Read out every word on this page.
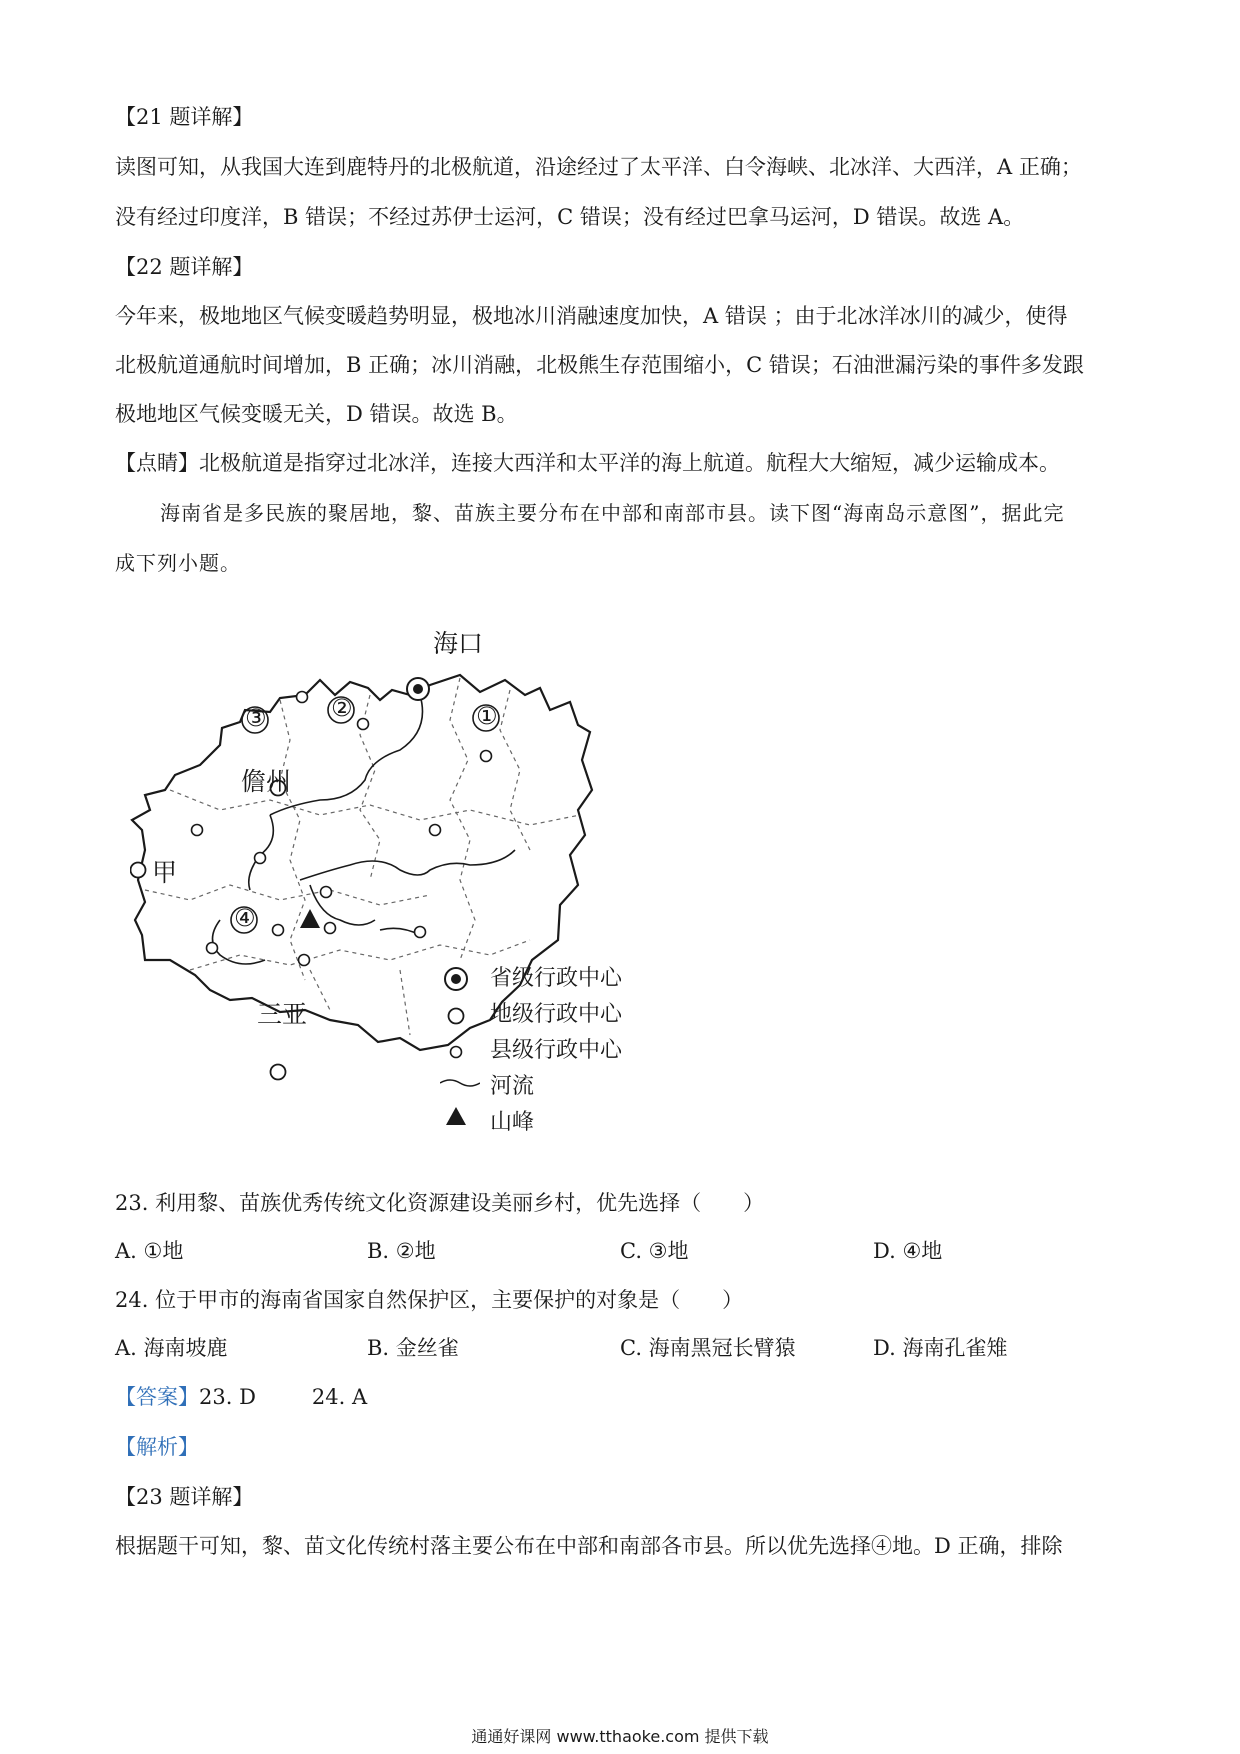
【21 题详解】
读图可知，从我国大连到鹿特丹的北极航道，沿途经过了太平洋、白令海峡、北冰洋、大西洋，A 正确；
没有经过印度洋，B 错误；不经过苏伊士运河，C 错误；没有经过巴拿马运河，D 错误。故选 A。
【22 题详解】
今年来，极地地区气候变暖趋势明显，极地冰川消融速度加快，A 错误 ；由于北冰洋冰川的减少，使得
北极航道通航时间增加，B 正确；冰川消融，北极熊生存范围缩小，C 错误；石油泄漏污染的事件多发跟
极地地区气候变暖无关，D 错误。故选 B。
【点睛】北极航道是指穿过北冰洋，连接大西洋和太平洋的海上航道。航程大大缩短，减少运输成本。
海南省是多民族的聚居地，黎、苗族主要分布在中部和南部市县。读下图“海南岛示意图”，据此完
成下列小题。
海口
儋州
甲
三亚
①
②
③
④
省级行政中心
地级行政中心
县级行政中心
河流
山峰
23. 利用黎、苗族优秀传统文化资源建设美丽乡村，优先选择（　　）
A. ①地	B. ②地	C. ③地	D. ④地
24. 位于甲市的海南省国家自然保护区，主要保护的对象是（　　）
A. 海南坡鹿	B. 金丝雀	C. 海南黑冠长臂猿	D. 海南孔雀雉
【答案】23. D	24. A
【解析】
【23 题详解】
根据题干可知，黎、苗文化传统村落主要公布在中部和南部各市县。所以优先选择④地。D 正确，排除
通通好课网 www.tthaoke.com 提供下载
